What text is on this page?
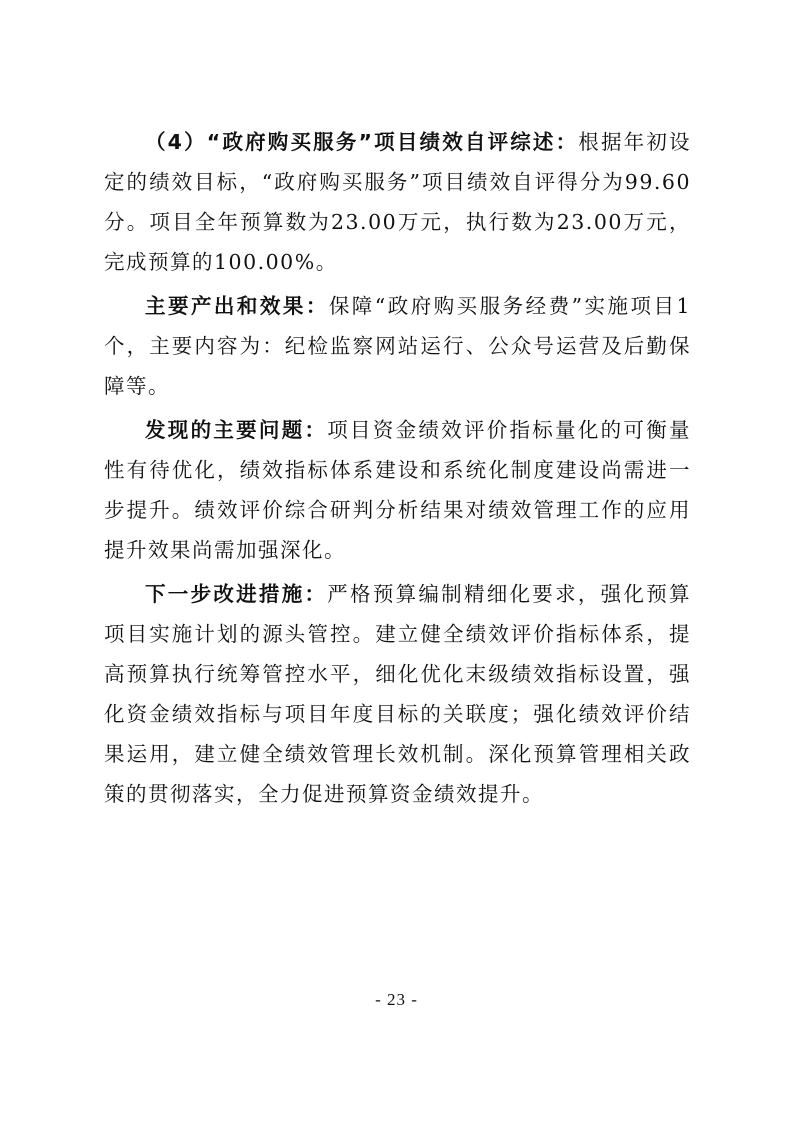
（4）“政府购买服务”项目绩效自评综述：根据年初设定的绩效目标，“政府购买服务”项目绩效自评得分为99.60分。项目全年预算数为23.00万元，执行数为23.00万元，完成预算的100.00%。

主要产出和效果：保障“政府购买服务经费”实施项目1个，主要内容为：纪检监察网站运行、公众号运营及后勤保障等。

发现的主要问题：项目资金绩效评价指标量化的可衡量性有待优化，绩效指标体系建设和系统化制度建设尚需进一步提升。绩效评价综合研判分析结果对绩效管理工作的应用提升效果尚需加强深化。

下一步改进措施：严格预算编制精细化要求，强化预算项目实施计划的源头管控。建立健全绩效评价指标体系，提高预算执行统筹管控水平，细化优化末级绩效指标设置，强化资金绩效指标与项目年度目标的关联度；强化绩效评价结果运用，建立健全绩效管理长效机制。深化预算管理相关政策的贯彻落实，全力促进预算资金绩效提升。

- 23 -
